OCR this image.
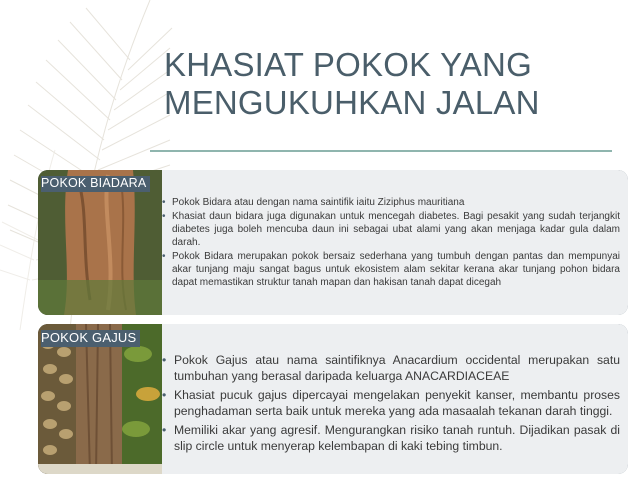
KHASIAT POKOK YANG MENGUKUHKAN JALAN
POKOK BIADARA
• Pokok Bidara atau dengan nama saintifik iaitu Ziziphus mauritiana
• Khasiat daun bidara juga digunakan untuk mencegah diabetes. Bagi pesakit yang sudah terjangkit diabetes juga boleh mencuba daun ini sebagai ubat alami yang akan menjaga kadar gula dalam darah.
• Pokok Bidara merupakan pokok bersaiz sederhana yang tumbuh dengan pantas dan mempunyai akar tunjang maju sangat bagus untuk ekosistem alam sekitar kerana akar tunjang pohon bidara dapat memastikan struktur tanah mapan dan hakisan tanah dapat dicegah
POKOK GAJUS
• Pokok Gajus atau nama saintifiknya Anacardium occidental merupakan satu tumbuhan yang berasal daripada keluarga ANACARDIACEAE
• Khasiat pucuk gajus dipercayai mengelakan penyekit kanser, membantu proses penghadaman serta baik untuk mereka yang ada masaalah tekanan darah tinggi.
• Memiliki akar yang agresif. Mengurangkan risiko tanah runtuh. Dijadikan pasak di slip circle untuk menyerap kelembapan di kaki tebing timbun.
